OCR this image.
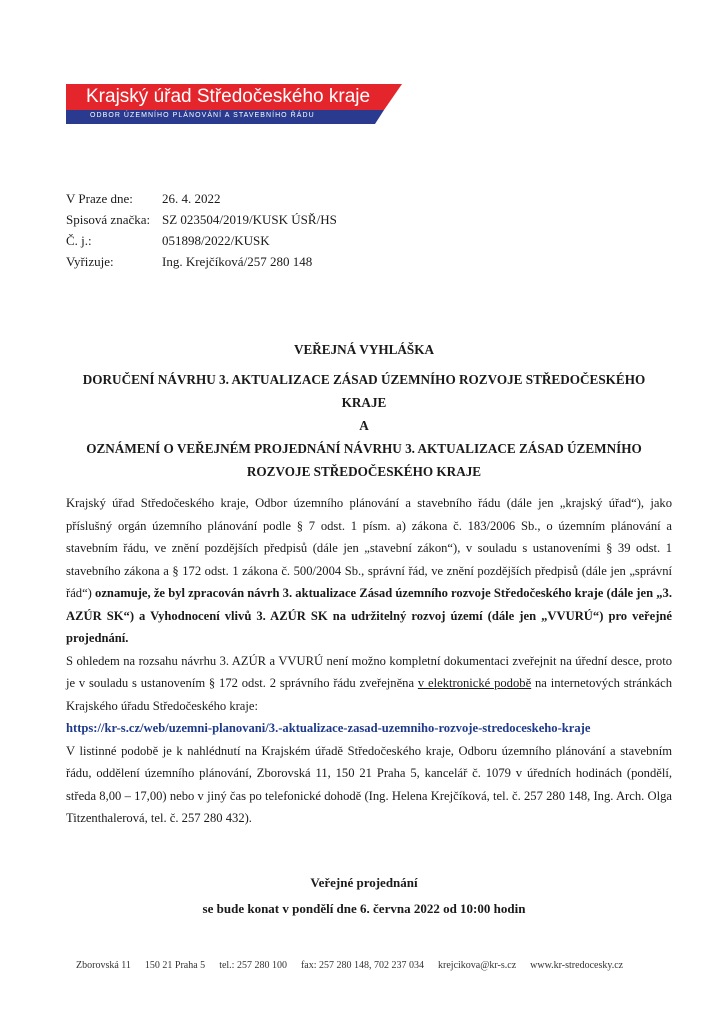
Krajský úřad Středočeského kraje
ODBOR ÚZEMNÍHO PLÁNOVÁNÍ A STAVEBNÍHO ŘÁDU
V Praze dne:	26. 4. 2022
Spisová značka: SZ 023504/2019/KUSK ÚSŘ/HS
Č. j.:	051898/2022/KUSK
Vyřizuje:	Ing. Krejčíková/257 280 148
VEŘEJNÁ VYHLÁŠKA
DORUČENÍ NÁVRHU 3. AKTUALIZACE ZÁSAD ÚZEMNÍHO ROZVOJE STŘEDOČESKÉHO
KRAJE
A
OZNÁMENÍ O VEŘEJNÉM PROJEDNÁNÍ NÁVRHU 3. AKTUALIZACE ZÁSAD ÚZEMNÍHO
ROZVOJE STŘEDOČESKÉHO KRAJE

Krajský úřad Středočeského kraje, Odbor územního plánování a stavebního řádu (dále jen „krajský úřad“), jako příslušný orgán územního plánování podle § 7 odst. 1 písm. a) zákona č. 183/2006 Sb., o územním plánování a stavebním řádu, ve znění pozdějších předpisů (dále jen „stavební zákon“), v souladu s ustanoveními § 39 odst. 1 stavebního zákona a § 172 odst. 1 zákona č. 500/2004 Sb., správní řád, ve znění pozdějších předpisů (dále jen „správní řád“) oznamuje, že byl zpracován návrh 3. aktualizace Zásad územního rozvoje Středočeského kraje (dále jen „3. AZÚR SK“) a Vyhodnocení vlivů 3. AZÚR SK na udržitelný rozvoj území (dále jen „VVURÚ“) pro veřejné projednání.

S ohledem na rozsahu návrhu 3. AZÚR a VVURÚ není možno kompletní dokumentaci zveřejnit na úřední desce, proto je v souladu s ustanovením § 172 odst. 2 správního řádu zveřejněna v elektronické podobě na internetových stránkách Krajského úřadu Středočeského kraje:

https://kr-s.cz/web/uzemni-planovani/3.-aktualizace-zasad-uzemniho-rozvoje-stredoceskeho-kraje

V listinné podobě je k nahlédnutí na Krajském úřadě Středočeského kraje, Odboru územního plánování a stavebním řádu, oddělení územního plánování, Zborovská 11, 150 21 Praha 5, kancelář č. 1079 v úředních hodinách (pondělí, středa 8,00 – 17,00) nebo v jiný čas po telefonické dohodě (Ing. Helena Krejčíková, tel. č. 257 280 148, Ing. Arch. Olga Titzenthalerová, tel. č. 257 280 432).

Veřejné projednání
se bude konat v pondělí dne 6. června 2022 od 10:00 hodin
Zborovská 11 150 21 Praha 5 tel.: 257 280 100 fax: 257 280 148, 702 237 034 krejcikova@kr-s.cz www.kr-stredocesky.cz
